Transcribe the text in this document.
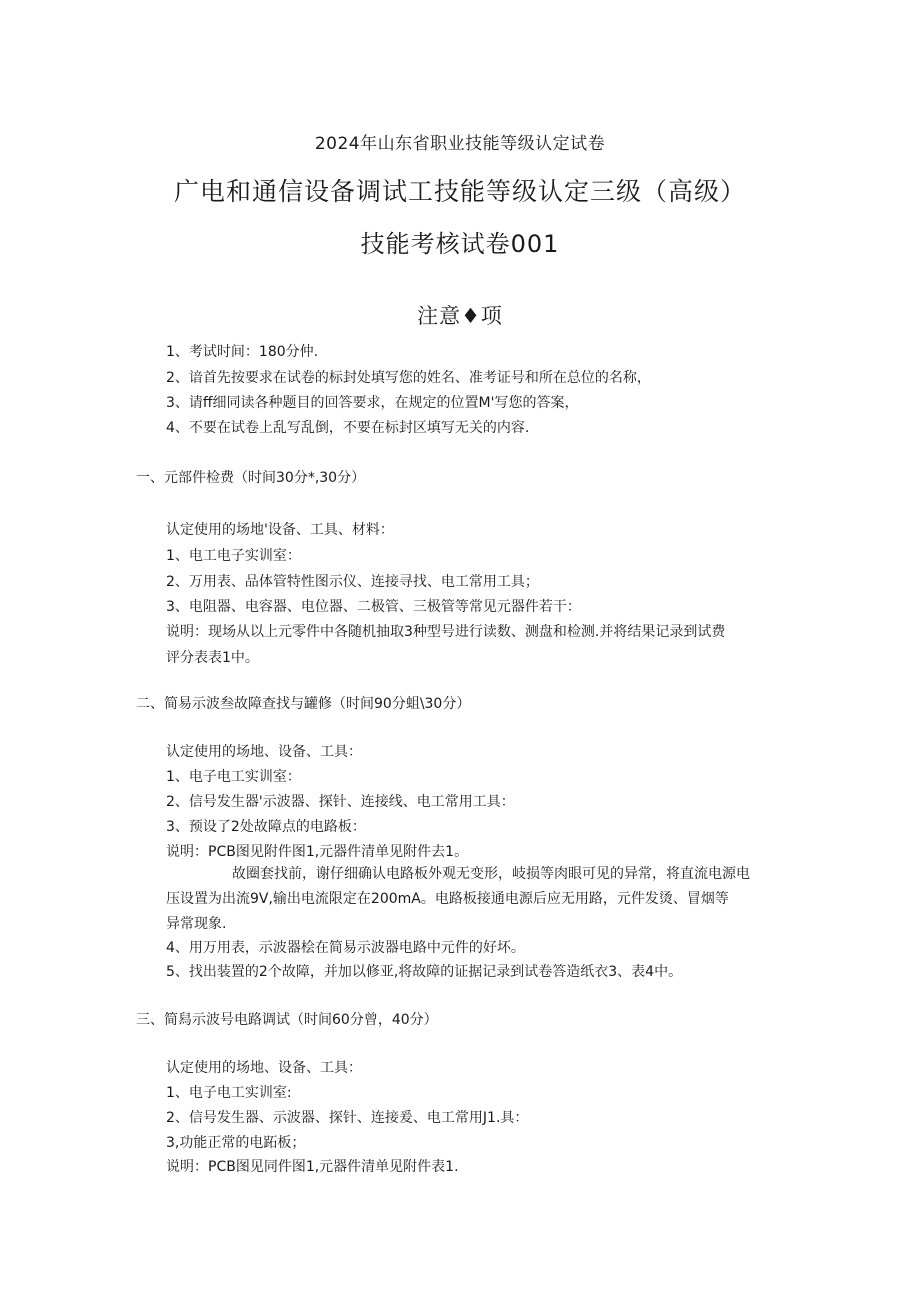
2024年山东省职业技能等级认定试卷
广电和通信设备调试工技能等级认定三级（高级）
技能考核试卷001
注意♦项
1、考试时间：180分仲.
2、谙首先按要求在试卷的标封处填写您的姓名、准考证号和所在总位的名称，
3、请ff细同读各种题目的回答要求，在规定的位置M'写您的答案，
4、不要在试卷上乱写乱倒，不要在标封区填写无关的内容.
一、元部件检费（时间30分*,30分）
认定使用的场地'设备、工具、材料：
1、电工电子实训室：
2、万用表、品体管特性图示仪、连接寻找、电工常用工具；
3、电阻器、电容器、电位器、二极管、三极管等常见元器件若干：
说明：现场从以上元零件中各随机抽取3种型号进行读数、测盘和检测.并将结果记录到试费
评分表表1中。
二、简易示波叁故障查找与罐修（时间90分蛆\30分）
认定使用的场地、设备、工具：
1、电子电工实训室：
2、信号发生器'示波器、探针、连接线、电工常用工具：
3、预设了2处故障点的电路板：
说明：PCB图见附件图1,元器件清单见附件去1。
故圈套找前，谢仔细确认电路板外观无变形，岐损等肉眼可见的异常，将直流电源电
压设置为出流9V,输出电流限定在200mA。电路板接通电源后应无用路，元件发烫、冒烟等
异常现象.
4、用万用表，示波器桧在简易示波器电路中元件的好坏。
5、找出装置的2个故障，并加以修亚,将故障的证据记录到试卷答造纸衣3、表4中。
三、简舄示波号电路调试（时间60分曾，40分）
认定使用的场地、设备、工具：
1、电子电工实训室:
2、信号发生器、示波器、探针、连接爰、电工常用J1.具：
3,功能正常的电跖板；
说明：PCB图见同件图1,元器件清单见附件表1.
